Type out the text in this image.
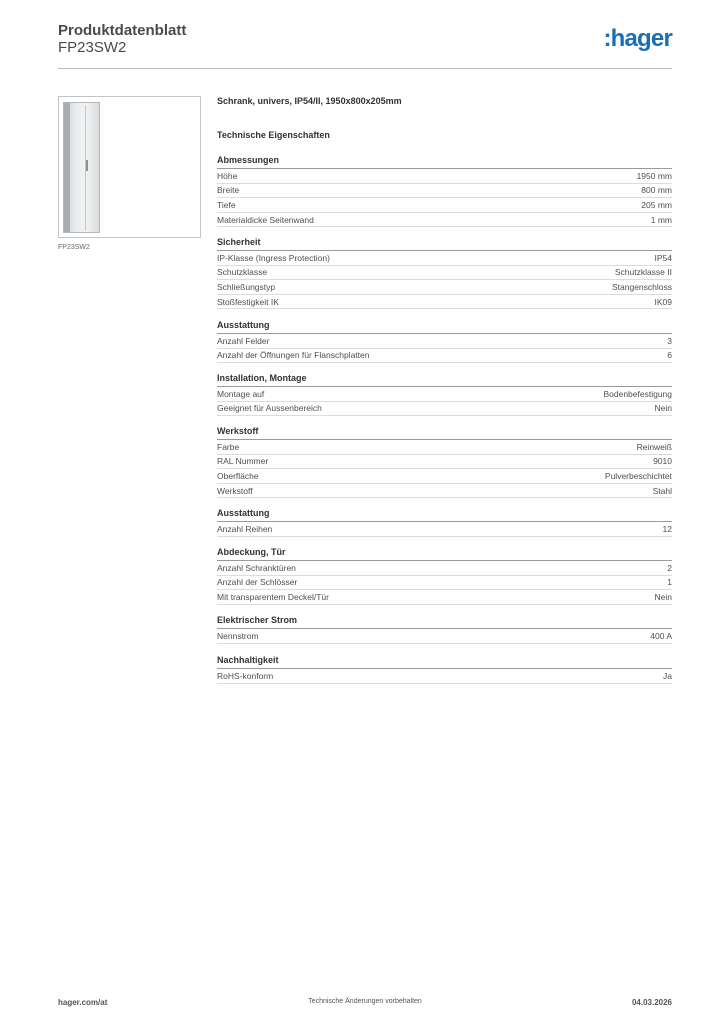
Produktdatenblatt
FP23SW2	:hager
FP23SW2
Schrank, univers, IP54/II, 1950x800x205mm
Technische Eigenschaften
Abmessungen
Höhe	1950 mm
Breite	800 mm
Tiefe	205 mm
Materialdicke Seitenwand	1 mm
Sicherheit
IP-Klasse (Ingress Protection)	IP54
Schutzklasse	Schutzklasse II
Schließungstyp	Stangenschloss
Stoßfestigkeit IK	IK09
Ausstattung
Anzahl Felder	3
Anzahl der Öffnungen für Flanschplatten	6
Installation, Montage
Montage auf	Bodenbefestigung
Geeignet für Aussenbereich	Nein
Werkstoff
Farbe	Reinweiß
RAL Nummer	9010
Oberfläche	Pulverbeschichtet
Werkstoff	Stahl
Ausstattung
Anzahl Reihen	12
Abdeckung, Tür
Anzahl Schranktüren	2
Anzahl der Schlösser	1
Mit transparentem Deckel/Tür	Nein
Elektrischer Strom
Nennstrom	400 A
Nachhaltigkeit
RoHS-konform	Ja
hager.com/at	Technische Änderungen vorbehalten	04.03.2026
